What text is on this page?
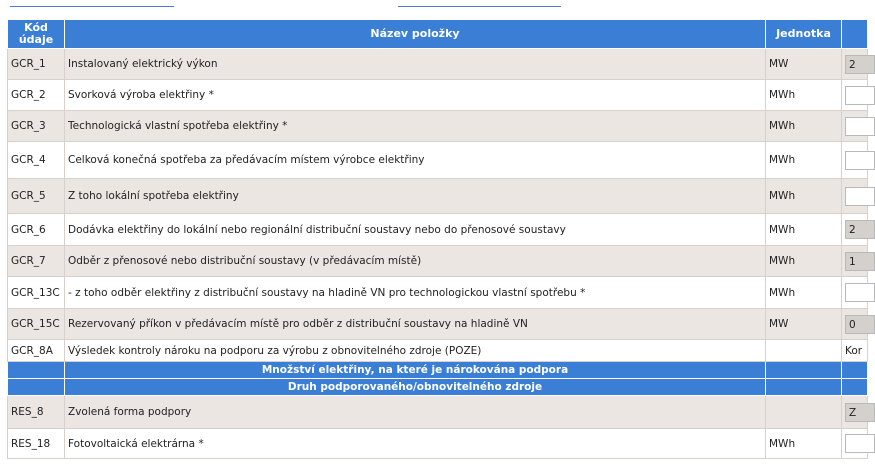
Kód údaje	Název položky	Jednotka	
GCR_1	Instalovaný elektrický výkon	MW	2
GCR_2	Svorková výroba elektřiny *	MWh	
GCR_3	Technologická vlastní spotřeba elektřiny *	MWh	
GCR_4	Celková konečná spotřeba za předávacím místem výrobce elektřiny	MWh	
GCR_5	Z toho lokální spotřeba elektřiny	MWh	
GCR_6	Dodávka elektřiny do lokální nebo regionální distribuční soustavy nebo do přenosové soustavy	MWh	2
GCR_7	Odběr z přenosové nebo distribuční soustavy (v předávacím místě)	MWh	1
GCR_13C	- z toho odběr elektřiny z distribuční soustavy na hladině VN pro technologickou vlastní spotřebu *	MWh	
GCR_15C	Rezervovaný příkon v předávacím místě pro odběr z distribuční soustavy na hladině VN	MW	0
GCR_8A	Výsledek kontroly nároku na podporu za výrobu z obnovitelného zdroje (POZE)		Kor
	Množství elektřiny, na které je nárokována podpora		
	Druh podporovaného/obnovitelného zdroje		
RES_8	Zvolená forma podpory		Z
RES_18	Fotovoltaická elektrárna *	MWh	
